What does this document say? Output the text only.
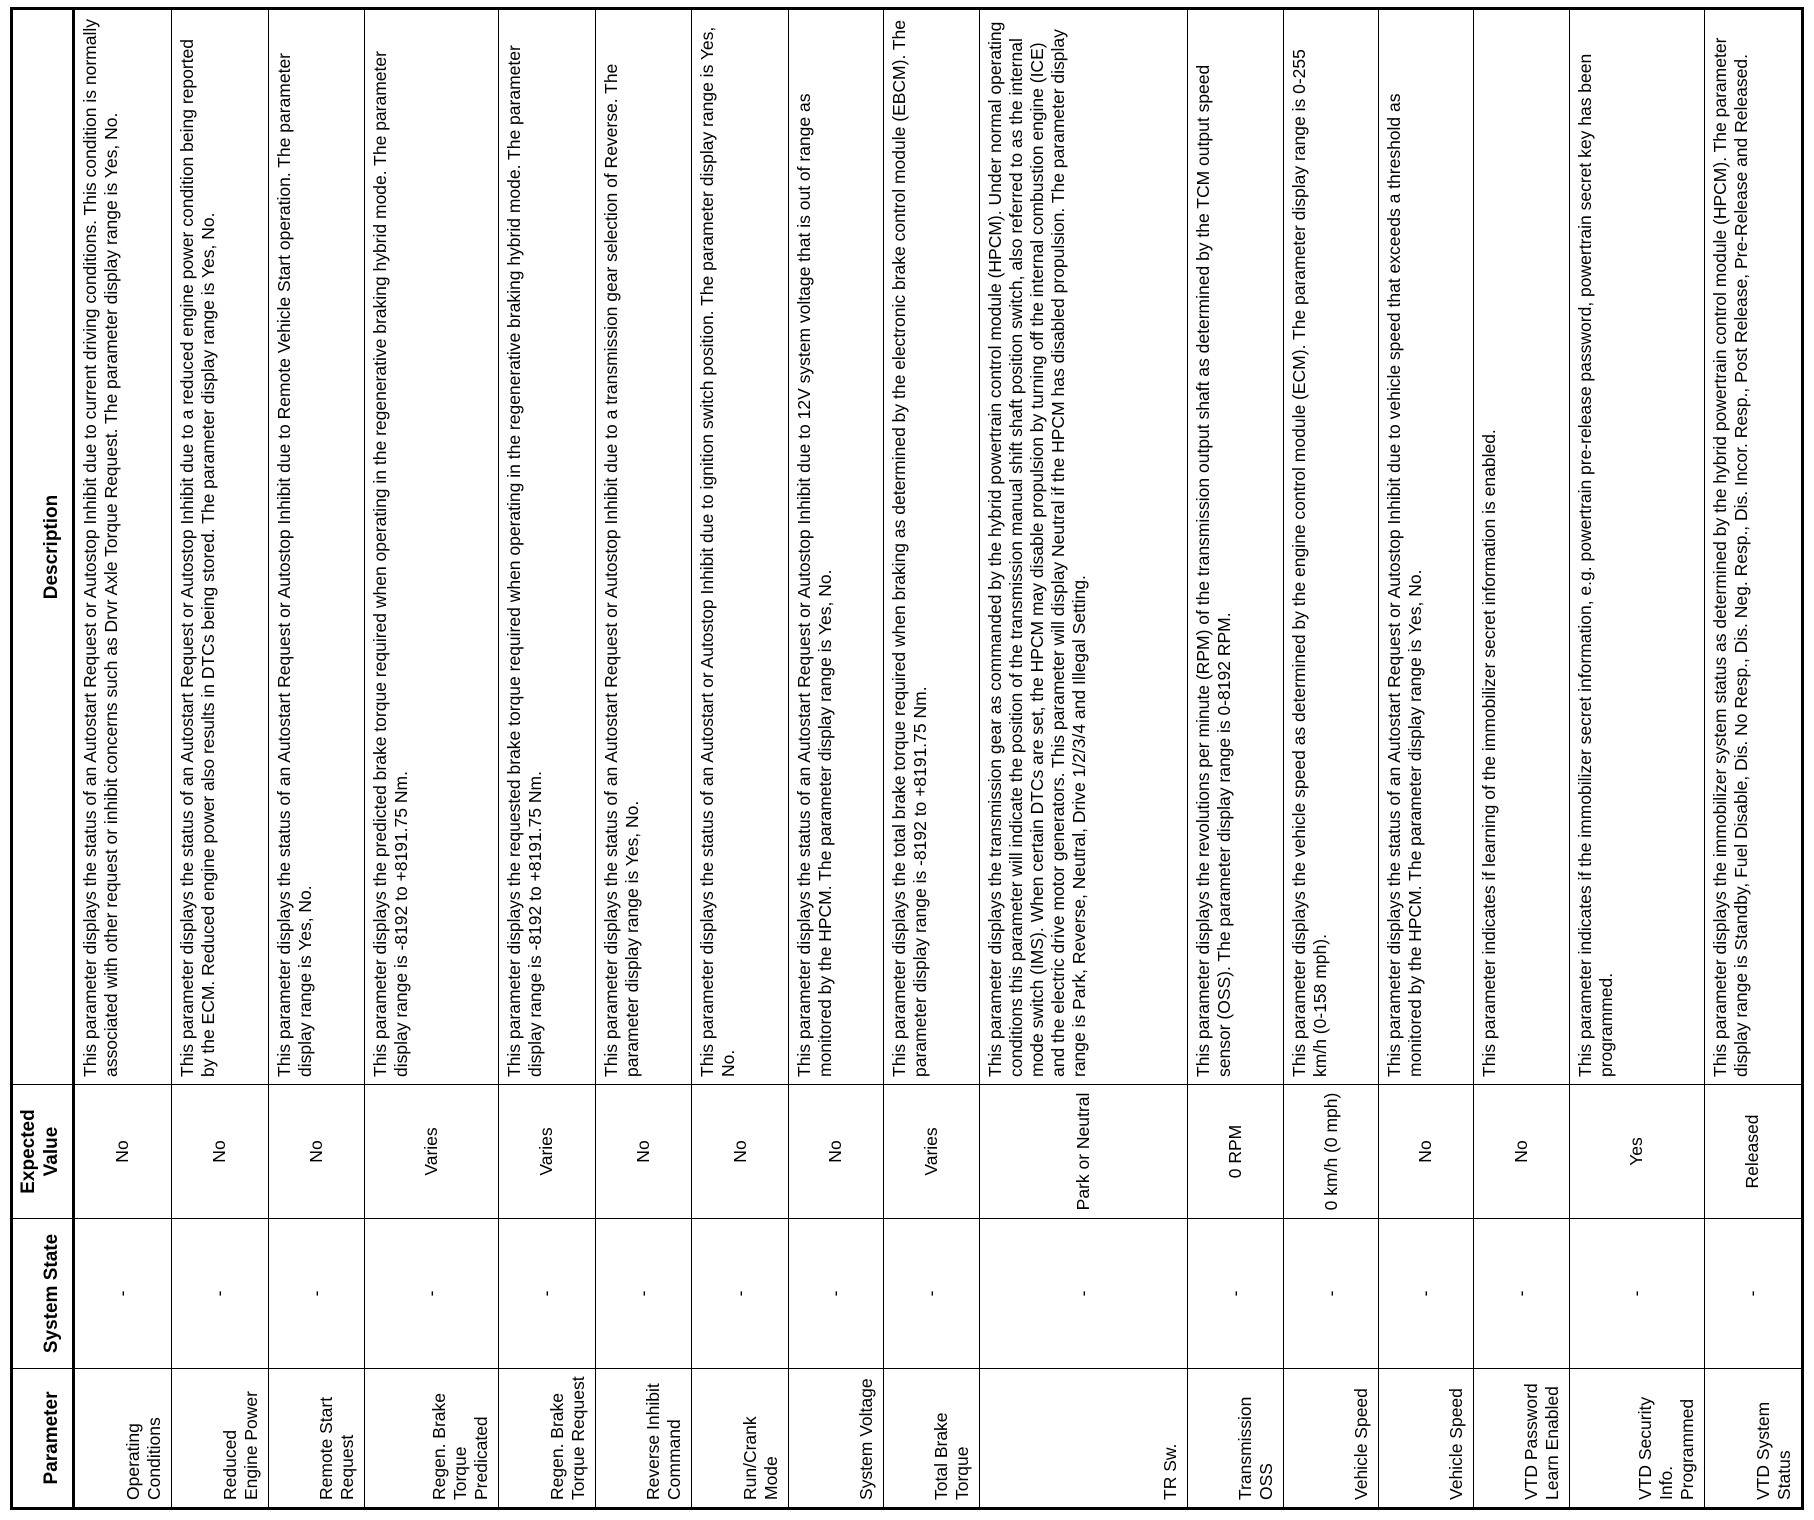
Parameter	System State	Expected Value	Description
Operating Conditions	-	No	This parameter displays the status of an Autostart Request or Autostop Inhibit due to current driving conditions. This condition is normally associated with other request or inhibit concerns such as Drvr Axle Torque Request. The parameter display range is Yes, No.
Reduced Engine Power	-	No	This parameter displays the status of an Autostart Request or Autostop Inhibit due to a reduced engine power condition being reported by the ECM. Reduced engine power also results in DTCs being stored. The parameter display range is Yes, No.
Remote Start Request	-	No	This parameter displays the status of an Autostart Request or Autostop Inhibit due to Remote Vehicle Start operation. The parameter display range is Yes, No.
Regen. Brake Torque Predicated	-	Varies	This parameter displays the predicted brake torque required when operating in the regenerative braking hybrid mode. The parameter display range is -8192 to +8191.75 Nm.
Regen. Brake Torque Request	-	Varies	This parameter displays the requested brake torque required when operating in the regenerative braking hybrid mode. The parameter display range is -8192 to +8191.75 Nm.
Reverse Inhibit Command	-	No	This parameter displays the status of an Autostart Request or Autostop Inhibit due to a transmission gear selection of Reverse. The parameter display range is Yes, No.
Run/Crank Mode	-	No	This parameter displays the status of an Autostart or Autostop Inhibit due to ignition switch position. The parameter display range is Yes, No.
System Voltage	-	No	This parameter displays the status of an Autostart Request or Autostop Inhibit due to 12V system voltage that is out of range as monitored by the HPCM. The parameter display range is Yes, No.
Total Brake Torque	-	Varies	This parameter displays the total brake torque required when braking as determined by the electronic brake control module (EBCM). The parameter display range is -8192 to +8191.75 Nm.
TR Sw.	-	Park or Neutral	This parameter displays the transmission gear as commanded by the hybrid powertrain control module (HPCM). Under normal operating conditions this parameter will indicate the position of the transmission manual shift shaft position switch, also referred to as the internal mode switch (IMS). When certain DTCs are set, the HPCM may disable propulsion by turning off the internal combustion engine (ICE) and the electric drive motor generators. This parameter will display Neutral if the HPCM has disabled propulsion. The parameter display range is Park, Reverse, Neutral, Drive 1/2/3/4 and Illegal Setting.
Transmission OSS	-	0 RPM	This parameter displays the revolutions per minute (RPM) of the transmission output shaft as determined by the TCM output speed sensor (OSS). The parameter display range is 0-8192 RPM.
Vehicle Speed	-	0 km/h (0 mph)	This parameter displays the vehicle speed as determined by the engine control module (ECM). The parameter display range is 0-255 km/h (0-158 mph).
Vehicle Speed	-	No	This parameter displays the status of an Autostart Request or Autostop Inhibit due to vehicle speed that exceeds a threshold as monitored by the HPCM. The parameter display range is Yes, No.
VTD Password Learn Enabled	-	No	This parameter indicates if learning of the immobilizer secret information is enabled.
VTD Security Info. Programmed	-	Yes	This parameter indicates if the immobilizer secret information, e.g. powertrain pre-release password, powertrain secret key has been programmed.
VTD System Status	-	Released	This parameter displays the immobilizer system status as determined by the hybrid powertrain control module (HPCM). The parameter display range is Standby, Fuel Disable, Dis. No Resp., Dis. Neg. Resp., Dis. Incor. Resp., Post Release, Pre-Release and Released.
